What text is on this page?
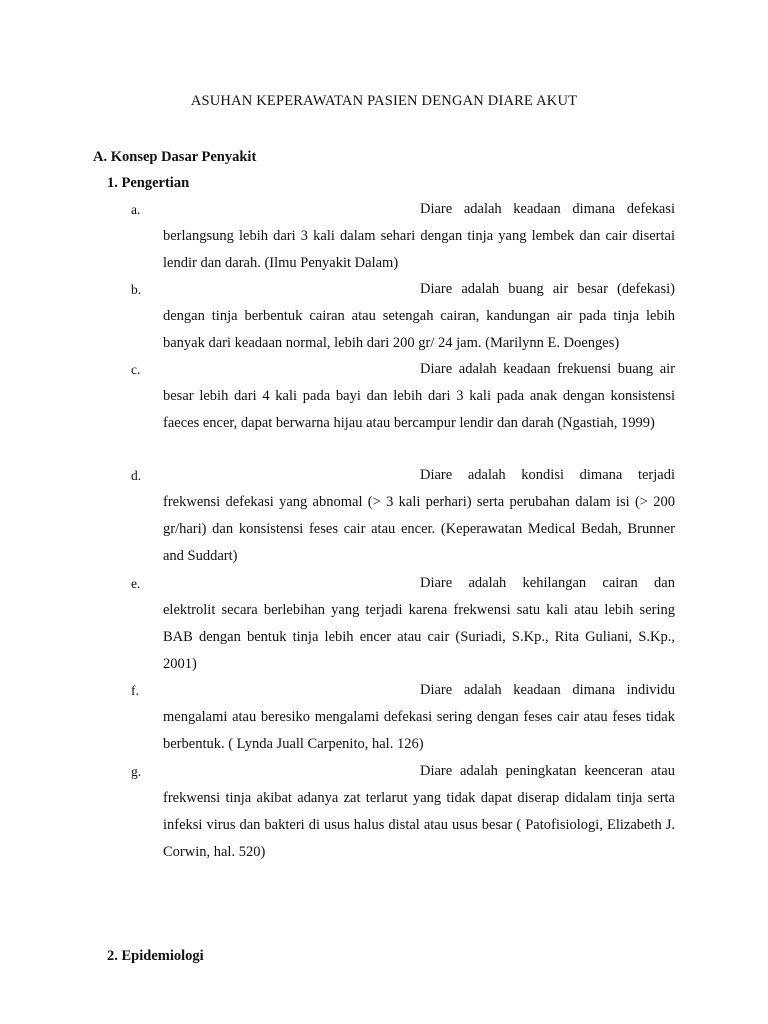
ASUHAN KEPERAWATAN PASIEN DENGAN DIARE AKUT
A. Konsep Dasar Penyakit
1. Pengertian
a.	Diare adalah keadaan dimana defekasi berlangsung lebih dari 3 kali dalam sehari dengan tinja yang lembek dan cair disertai lendir dan darah. (Ilmu Penyakit Dalam)
b.	Diare adalah buang air besar (defekasi) dengan tinja berbentuk cairan atau setengah cairan, kandungan air pada tinja lebih banyak dari keadaan normal, lebih dari 200 gr/ 24 jam. (Marilynn E. Doenges)
c.	Diare adalah keadaan frekuensi buang air besar lebih dari 4 kali pada bayi dan lebih dari 3 kali pada anak dengan konsistensi faeces encer, dapat berwarna hijau atau bercampur lendir dan darah (Ngastiah, 1999)
d.	Diare adalah kondisi dimana terjadi frekwensi defekasi yang abnomal (> 3 kali perhari) serta perubahan dalam isi (> 200 gr/hari) dan konsistensi feses cair atau encer. (Keperawatan Medical Bedah, Brunner and Suddart)
e.	Diare adalah kehilangan cairan dan elektrolit secara berlebihan yang terjadi karena frekwensi satu kali atau lebih sering BAB dengan bentuk tinja lebih encer atau cair (Suriadi, S.Kp., Rita Guliani, S.Kp., 2001)
f.	Diare adalah keadaan dimana individu mengalami atau beresiko mengalami defekasi sering dengan feses cair atau feses tidak berbentuk. ( Lynda Juall Carpenito, hal. 126)
g.	Diare adalah peningkatan keenceran atau frekwensi tinja akibat adanya zat terlarut yang tidak dapat diserap didalam tinja serta infeksi virus dan bakteri di usus halus distal atau usus besar ( Patofisiologi, Elizabeth J. Corwin, hal. 520)
2. Epidemiologi
